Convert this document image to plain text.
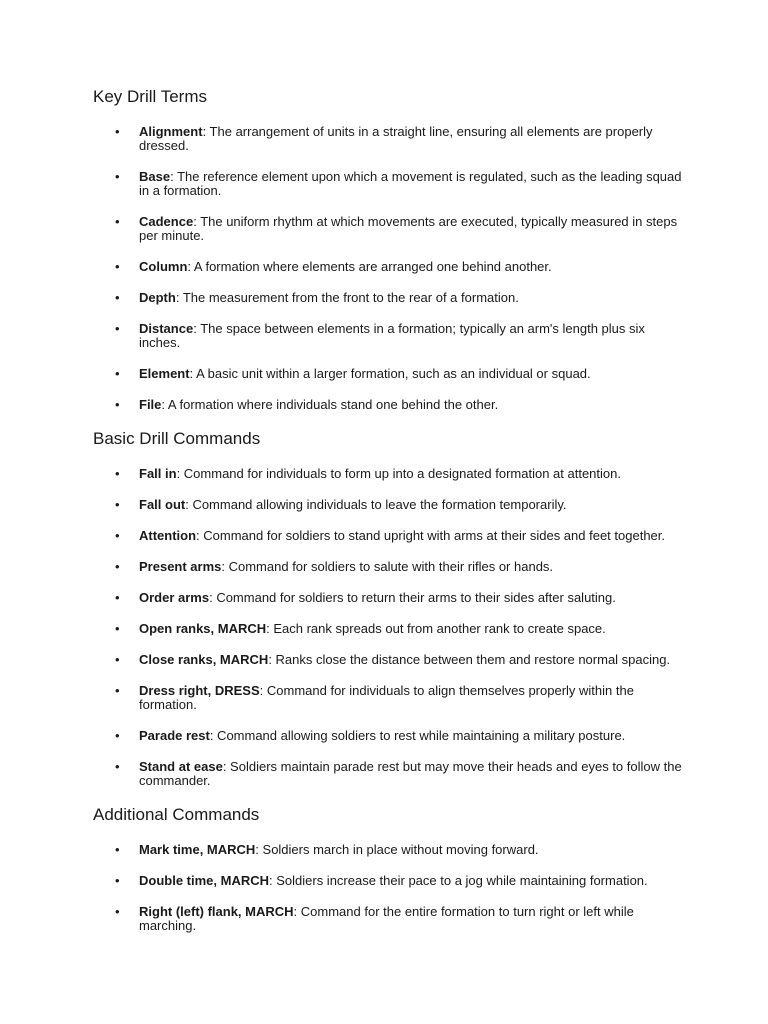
Key Drill Terms
• Alignment: The arrangement of units in a straight line, ensuring all elements are properly dressed.
• Base: The reference element upon which a movement is regulated, such as the leading squad in a formation.
• Cadence: The uniform rhythm at which movements are executed, typically measured in steps per minute.
• Column: A formation where elements are arranged one behind another.
• Depth: The measurement from the front to the rear of a formation.
• Distance: The space between elements in a formation; typically an arm's length plus six inches.
• Element: A basic unit within a larger formation, such as an individual or squad.
• File: A formation where individuals stand one behind the other.
Basic Drill Commands
• Fall in: Command for individuals to form up into a designated formation at attention.
• Fall out: Command allowing individuals to leave the formation temporarily.
• Attention: Command for soldiers to stand upright with arms at their sides and feet together.
• Present arms: Command for soldiers to salute with their rifles or hands.
• Order arms: Command for soldiers to return their arms to their sides after saluting.
• Open ranks, MARCH: Each rank spreads out from another rank to create space.
• Close ranks, MARCH: Ranks close the distance between them and restore normal spacing.
• Dress right, DRESS: Command for individuals to align themselves properly within the formation.
• Parade rest: Command allowing soldiers to rest while maintaining a military posture.
• Stand at ease: Soldiers maintain parade rest but may move their heads and eyes to follow the commander.
Additional Commands
• Mark time, MARCH: Soldiers march in place without moving forward.
• Double time, MARCH: Soldiers increase their pace to a jog while maintaining formation.
• Right (left) flank, MARCH: Command for the entire formation to turn right or left while marching.
